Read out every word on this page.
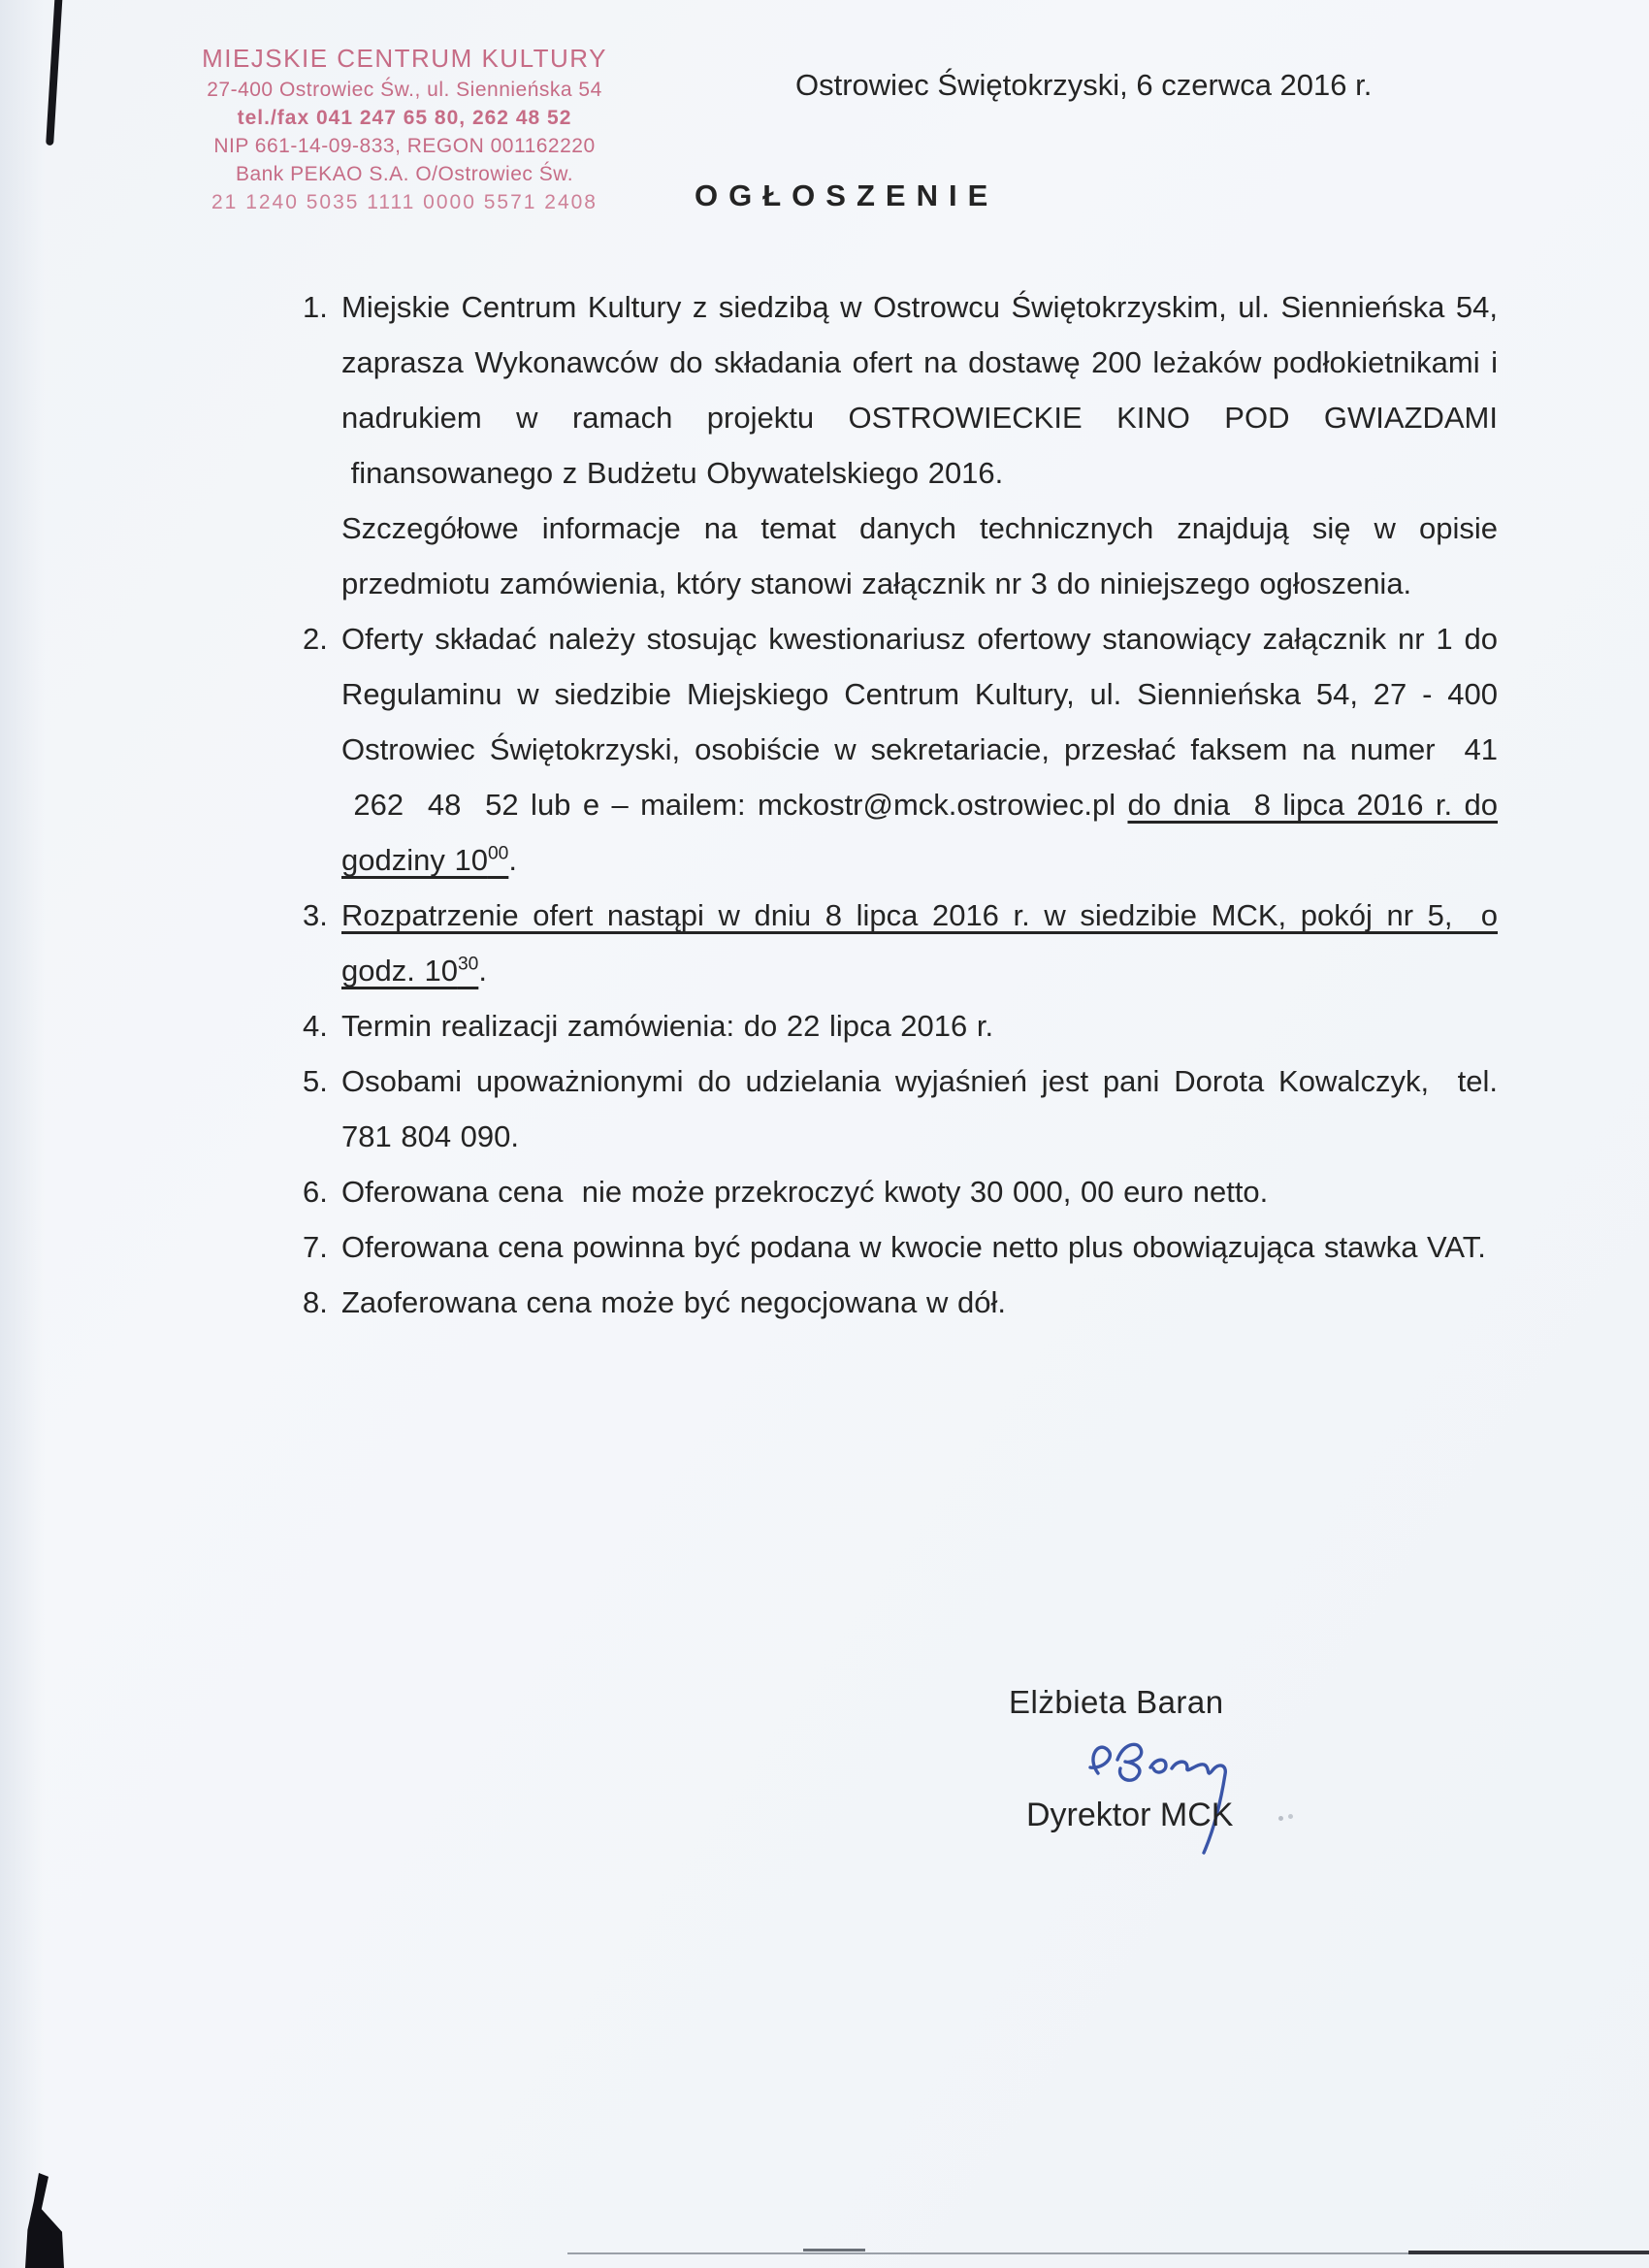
MIEJSKIE CENTRUM KULTURY
27-400 Ostrowiec Św., ul. Siennieńska 54
tel./fax 041 247 65 80, 262 48 52
NIP 661-14-09-833, REGON 001162220
Bank PEKAO S.A. O/Ostrowiec Św.
21 1240 5035 1111 0000 5571 2408
Ostrowiec Świętokrzyski, 6 czerwca 2016 r.
OGŁOSZENIE
1. Miejskie Centrum Kultury z siedzibą w Ostrowcu Świętokrzyskim, ul. Siennieńska 54, zaprasza Wykonawców do składania ofert na dostawę 200 leżaków podłokietnikami i nadrukiem w ramach projektu OSTROWIECKIE KINO POD GWIAZDAMI  finansowanego z Budżetu Obywatelskiego 2016.

Szczegółowe informacje na temat danych technicznych znajdują się w opisie przedmiotu zamówienia, który stanowi załącznik nr 3 do niniejszego ogłoszenia.

2. Oferty składać należy stosując kwestionariusz ofertowy stanowiący załącznik nr 1 do Regulaminu w siedzibie Miejskiego Centrum Kultury, ul. Siennieńska 54, 27 - 400 Ostrowiec Świętokrzyski, osobiście w sekretariacie, przesłać faksem na numer  41  262  48  52 lub e – mailem: mckostr@mck.ostrowiec.pl do dnia  8 lipca 2016 r. do godziny $10^{00}$.

3. Rozpatrzenie ofert nastąpi w dniu 8 lipca 2016 r. w siedzibie MCK, pokój nr 5,  o godz. $10^{30}$.

4. Termin realizacji zamówienia: do 22 lipca 2016 r.

5. Osobami upoważnionymi do udzielania wyjaśnień jest pani Dorota Kowalczyk,  tel. 781 804 090.

6. Oferowana cena  nie może przekroczyć kwoty 30 000, 00 euro netto.

7. Oferowana cena powinna być podana w kwocie netto plus obowiązująca stawka VAT.

8. Zaoferowana cena może być negocjowana w dół.

Elżbieta Baran
Dyrektor MCK
